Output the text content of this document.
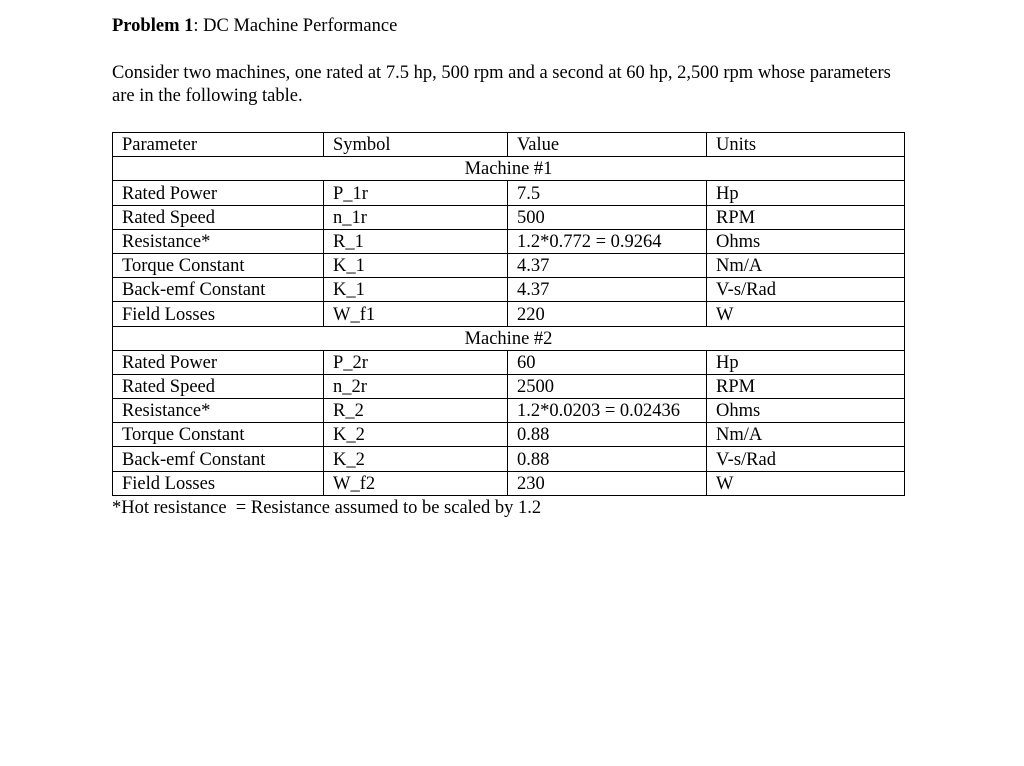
Problem 1: DC Machine Performance

Consider two machines, one rated at 7.5 hp, 500 rpm and a second at 60 hp, 2,500 rpm whose parameters are in the following table.

Parameter	Symbol	Value	Units
Machine #1			
Rated Power	P_1r	7.5	Hp
Rated Speed	n_1r	500	RPM
Resistance*	R_1	1.2*0.772 = 0.9264	Ohms
Torque Constant	K_1	4.37	Nm/A
Back-emf Constant	K_1	4.37	V-s/Rad
Field Losses	W_f1	220	W
Machine #2			
Rated Power	P_2r	60	Hp
Rated Speed	n_2r	2500	RPM
Resistance*	R_2	1.2*0.0203 = 0.02436	Ohms
Torque Constant	K_2	0.88	Nm/A
Back-emf Constant	K_2	0.88	V-s/Rad
Field Losses	W_f2	230	W
*Hot resistance  = Resistance assumed to be scaled by 1.2
